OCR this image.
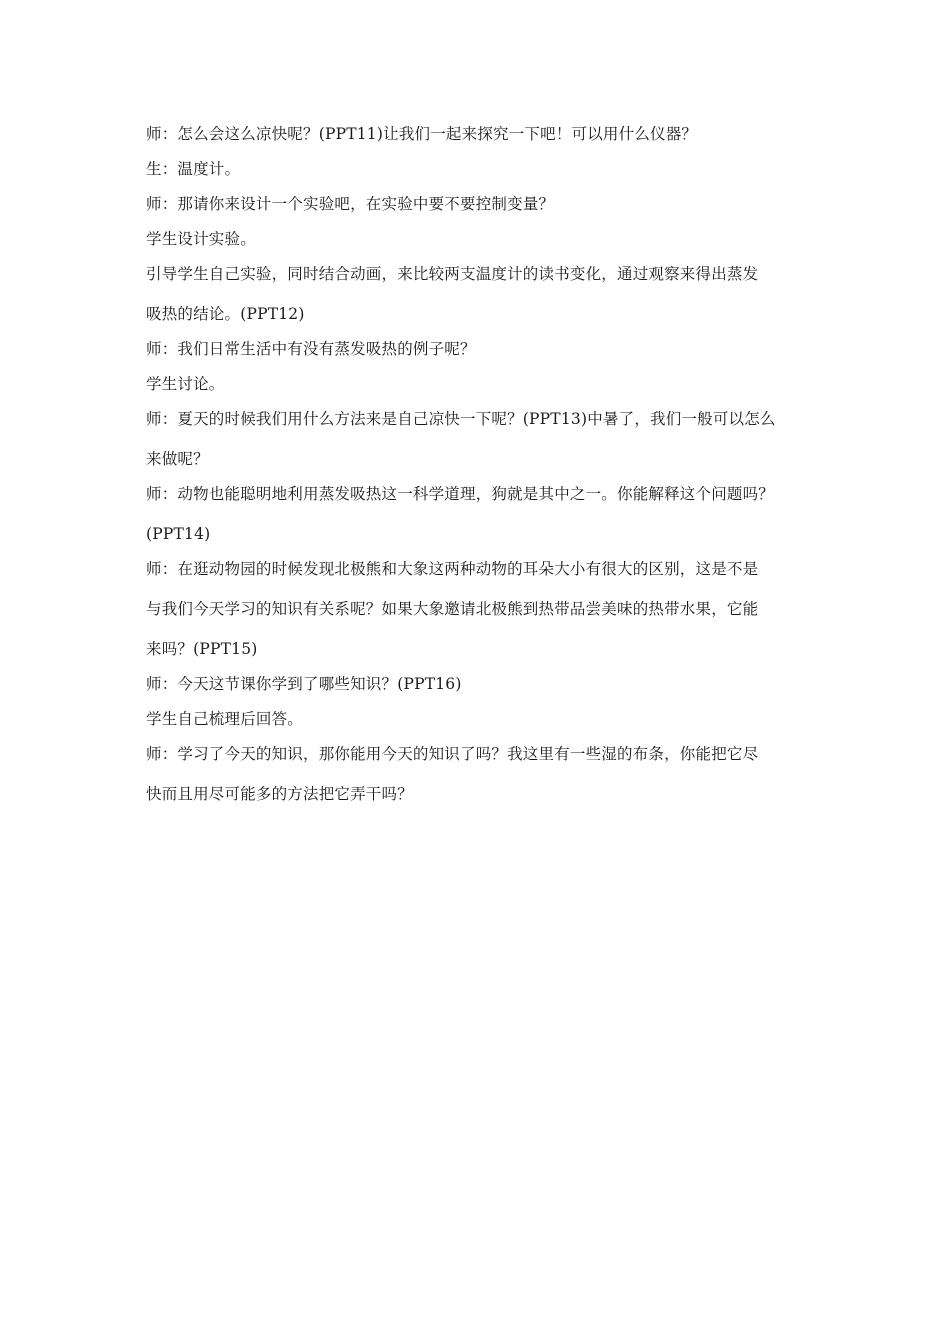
师：怎么会这么凉快呢？(PPT11)让我们一起来探究一下吧！可以用什么仪器？
生：温度计。
师：那请你来设计一个实验吧，在实验中要不要控制变量？
学生设计实验。
引导学生自己实验，同时结合动画，来比较两支温度计的读书变化，通过观察来得出蒸发
吸热的结论。(PPT12)
师：我们日常生活中有没有蒸发吸热的例子呢？
学生讨论。
师：夏天的时候我们用什么方法来是自己凉快一下呢？(PPT13)中暑了，我们一般可以怎么
来做呢？
师：动物也能聪明地利用蒸发吸热这一科学道理，狗就是其中之一。你能解释这个问题吗？
(PPT14)
师：在逛动物园的时候发现北极熊和大象这两种动物的耳朵大小有很大的区别，这是不是
与我们今天学习的知识有关系呢？如果大象邀请北极熊到热带品尝美味的热带水果，它能
来吗？(PPT15)
师：今天这节课你学到了哪些知识？(PPT16)
学生自己梳理后回答。
师：学习了今天的知识，那你能用今天的知识了吗？我这里有一些湿的布条，你能把它尽
快而且用尽可能多的方法把它弄干吗？
